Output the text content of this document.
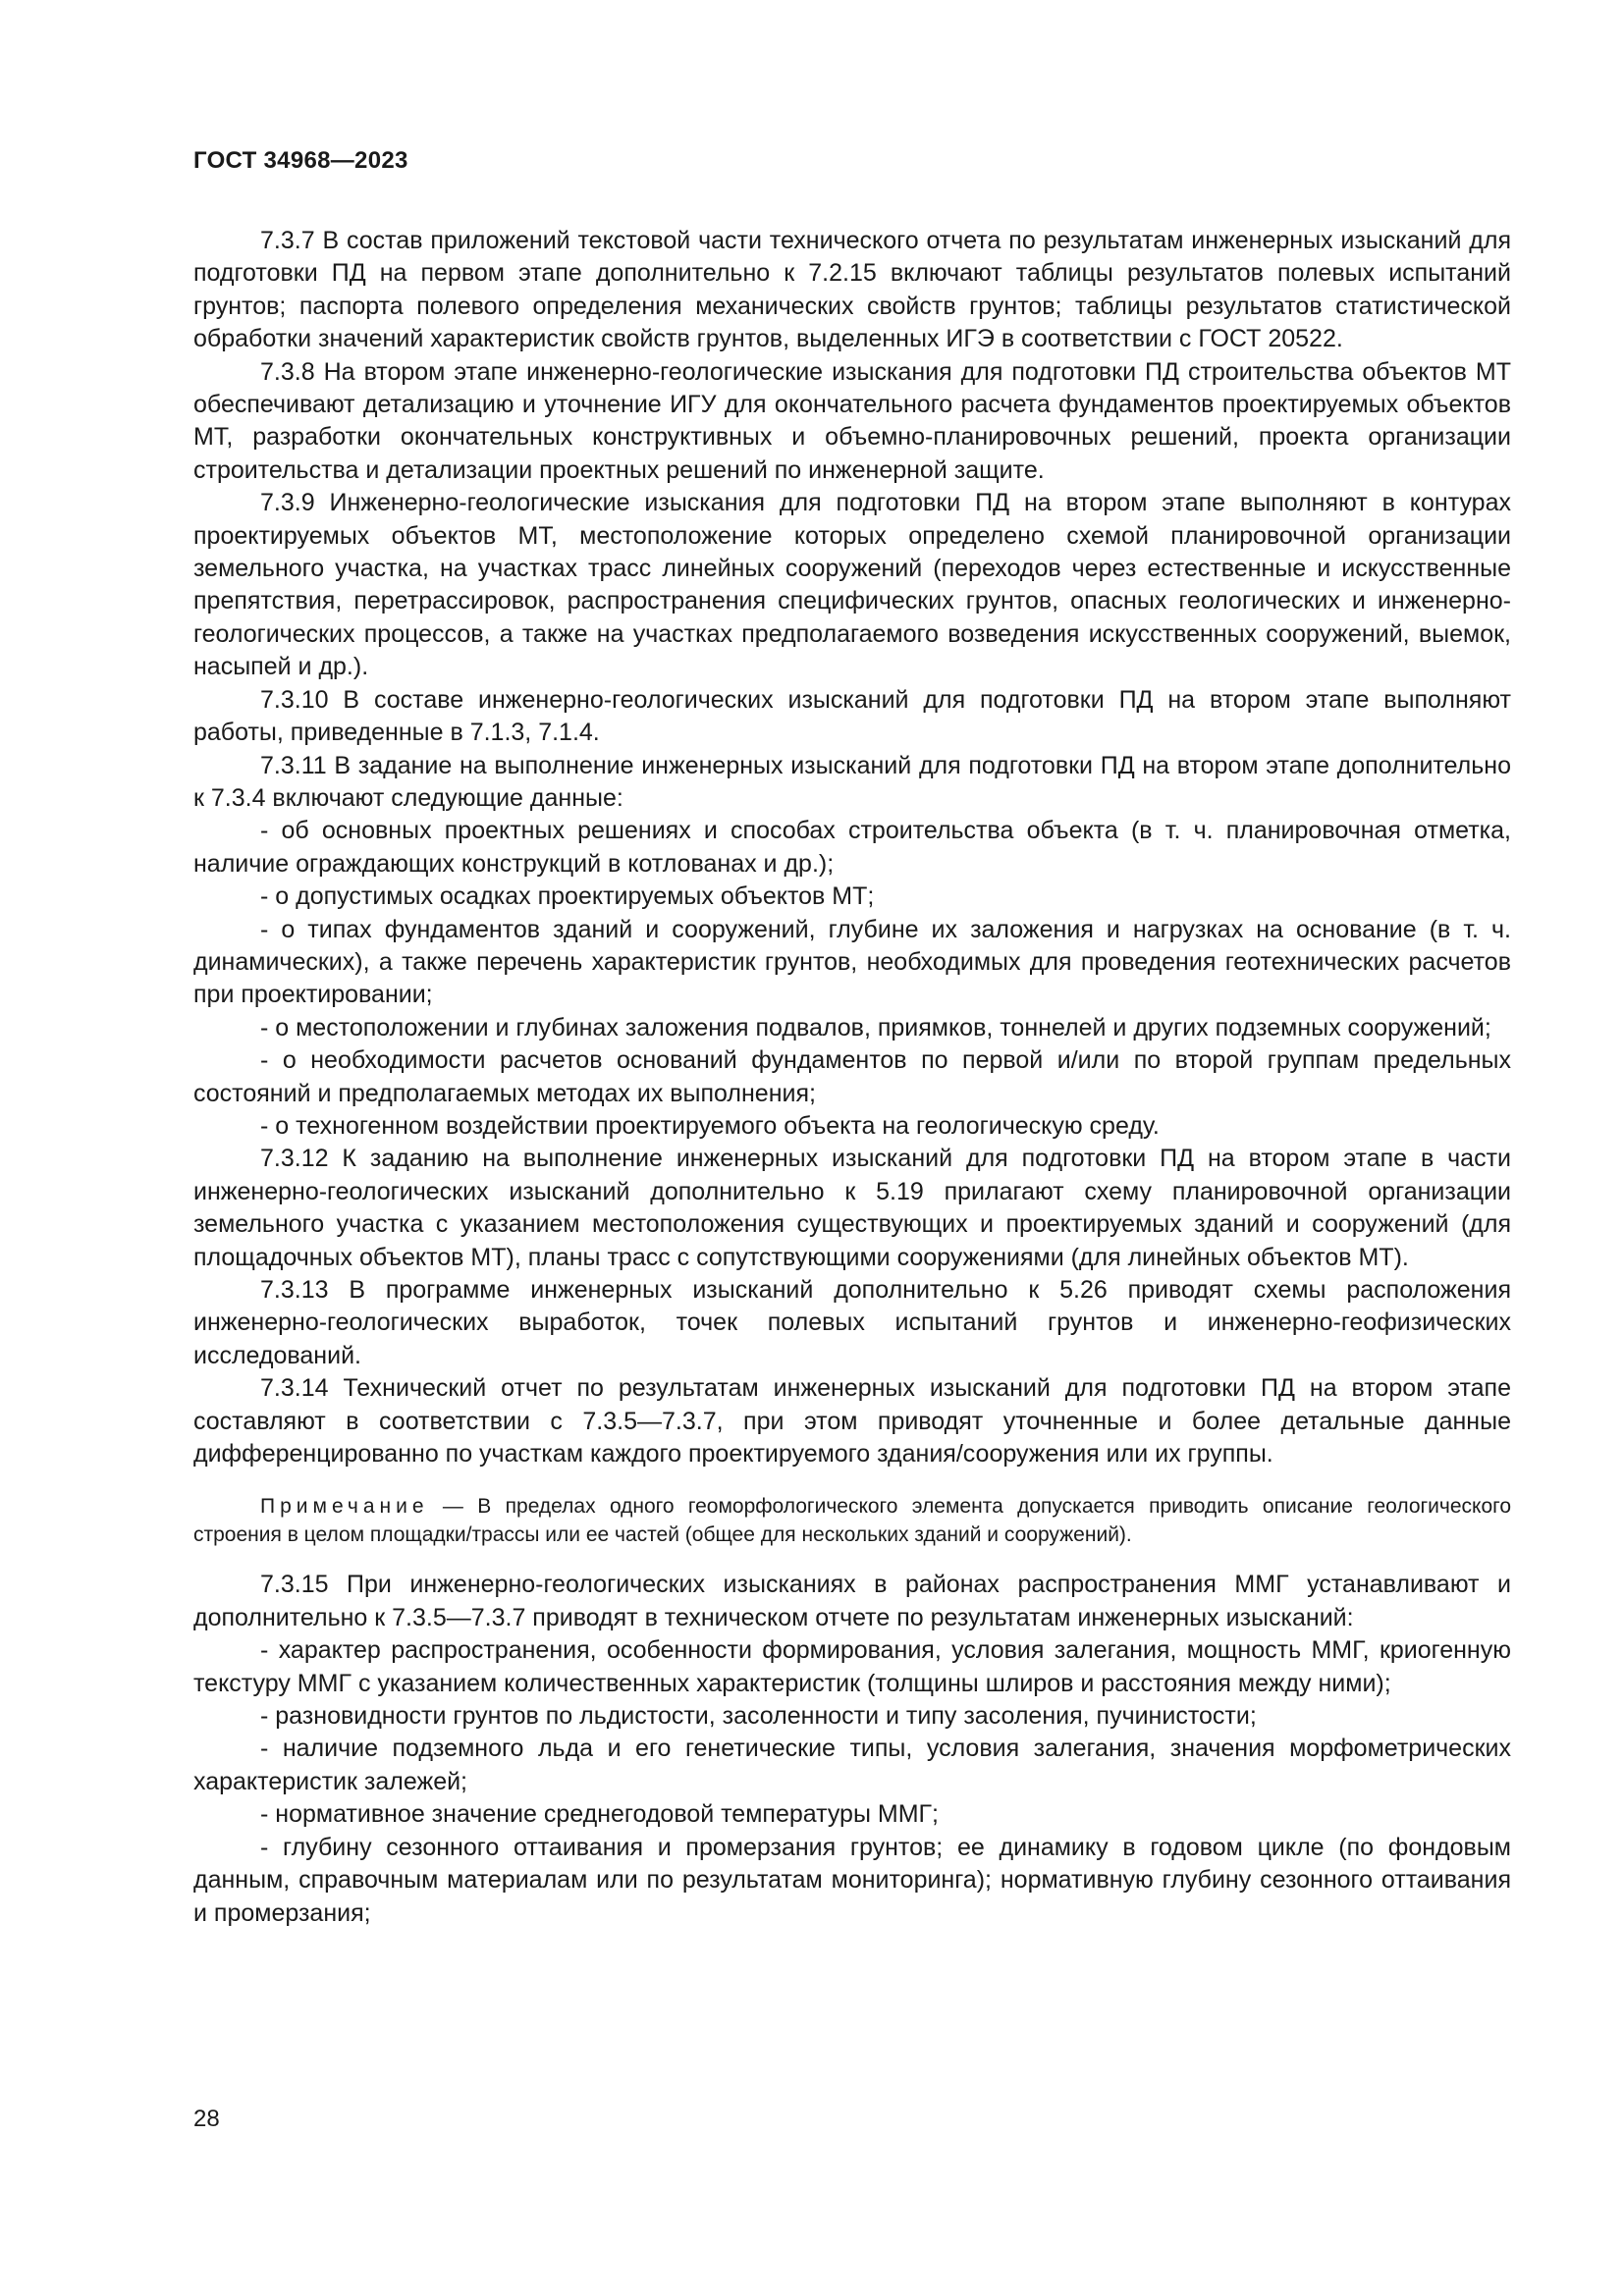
ГОСТ 34968—2023

7.3.7 В состав приложений текстовой части технического отчета по результатам инженерных изысканий для подготовки ПД на первом этапе дополнительно к 7.2.15 включают таблицы результатов полевых испытаний грунтов; паспорта полевого определения механических свойств грунтов; таблицы результатов статистической обработки значений характеристик свойств грунтов, выделенных ИГЭ в соответствии с ГОСТ 20522.

7.3.8 На втором этапе инженерно-геологические изыскания для подготовки ПД строительства объектов МТ обеспечивают детализацию и уточнение ИГУ для окончательного расчета фундаментов проектируемых объектов МТ, разработки окончательных конструктивных и объемно-планировочных решений, проекта организации строительства и детализации проектных решений по инженерной защите.

7.3.9 Инженерно-геологические изыскания для подготовки ПД на втором этапе выполняют в контурах проектируемых объектов МТ, местоположение которых определено схемой планировочной организации земельного участка, на участках трасс линейных сооружений (переходов через естественные и искусственные препятствия, перетрассировок, распространения специфических грунтов, опасных геологических и инженерно-геологических процессов, а также на участках предполагаемого возведения искусственных сооружений, выемок, насыпей и др.).

7.3.10 В составе инженерно-геологических изысканий для подготовки ПД на втором этапе выполняют работы, приведенные в 7.1.3, 7.1.4.

7.3.11 В задание на выполнение инженерных изысканий для подготовки ПД на втором этапе дополнительно к 7.3.4 включают следующие данные:

- об основных проектных решениях и способах строительства объекта (в т. ч. планировочная отметка, наличие ограждающих конструкций в котлованах и др.);

- о допустимых осадках проектируемых объектов МТ;

- о типах фундаментов зданий и сооружений, глубине их заложения и нагрузках на основание (в т. ч. динамических), а также перечень характеристик грунтов, необходимых для проведения геотехнических расчетов при проектировании;

- о местоположении и глубинах заложения подвалов, приямков, тоннелей и других подземных сооружений;

- о необходимости расчетов оснований фундаментов по первой и/или по второй группам предельных состояний и предполагаемых методах их выполнения;

- о техногенном воздействии проектируемого объекта на геологическую среду.

7.3.12 К заданию на выполнение инженерных изысканий для подготовки ПД на втором этапе в части инженерно-геологических изысканий дополнительно к 5.19 прилагают схему планировочной организации земельного участка с указанием местоположения существующих и проектируемых зданий и сооружений (для площадочных объектов МТ), планы трасс с сопутствующими сооружениями (для линейных объектов МТ).

7.3.13 В программе инженерных изысканий дополнительно к 5.26 приводят схемы расположения инженерно-геологических выработок, точек полевых испытаний грунтов и инженерно-геофизических исследований.

7.3.14 Технический отчет по результатам инженерных изысканий для подготовки ПД на втором этапе составляют в соответствии с 7.3.5—7.3.7, при этом приводят уточненные и более детальные данные дифференцированно по участкам каждого проектируемого здания/сооружения или их группы.

Примечание — В пределах одного геоморфологического элемента допускается приводить описание геологического строения в целом площадки/трассы или ее частей (общее для нескольких зданий и сооружений).

7.3.15 При инженерно-геологических изысканиях в районах распространения ММГ устанавливают и дополнительно к 7.3.5—7.3.7 приводят в техническом отчете по результатам инженерных изысканий:

- характер распространения, особенности формирования, условия залегания, мощность ММГ, криогенную текстуру ММГ с указанием количественных характеристик (толщины шлиров и расстояния между ними);

- разновидности грунтов по льдистости, засоленности и типу засоления, пучинистости;

- наличие подземного льда и его генетические типы, условия залегания, значения морфометрических характеристик залежей;

- нормативное значение среднегодовой температуры ММГ;

- глубину сезонного оттаивания и промерзания грунтов; ее динамику в годовом цикле (по фондовым данным, справочным материалам или по результатам мониторинга); нормативную глубину сезонного оттаивания и промерзания;

28
